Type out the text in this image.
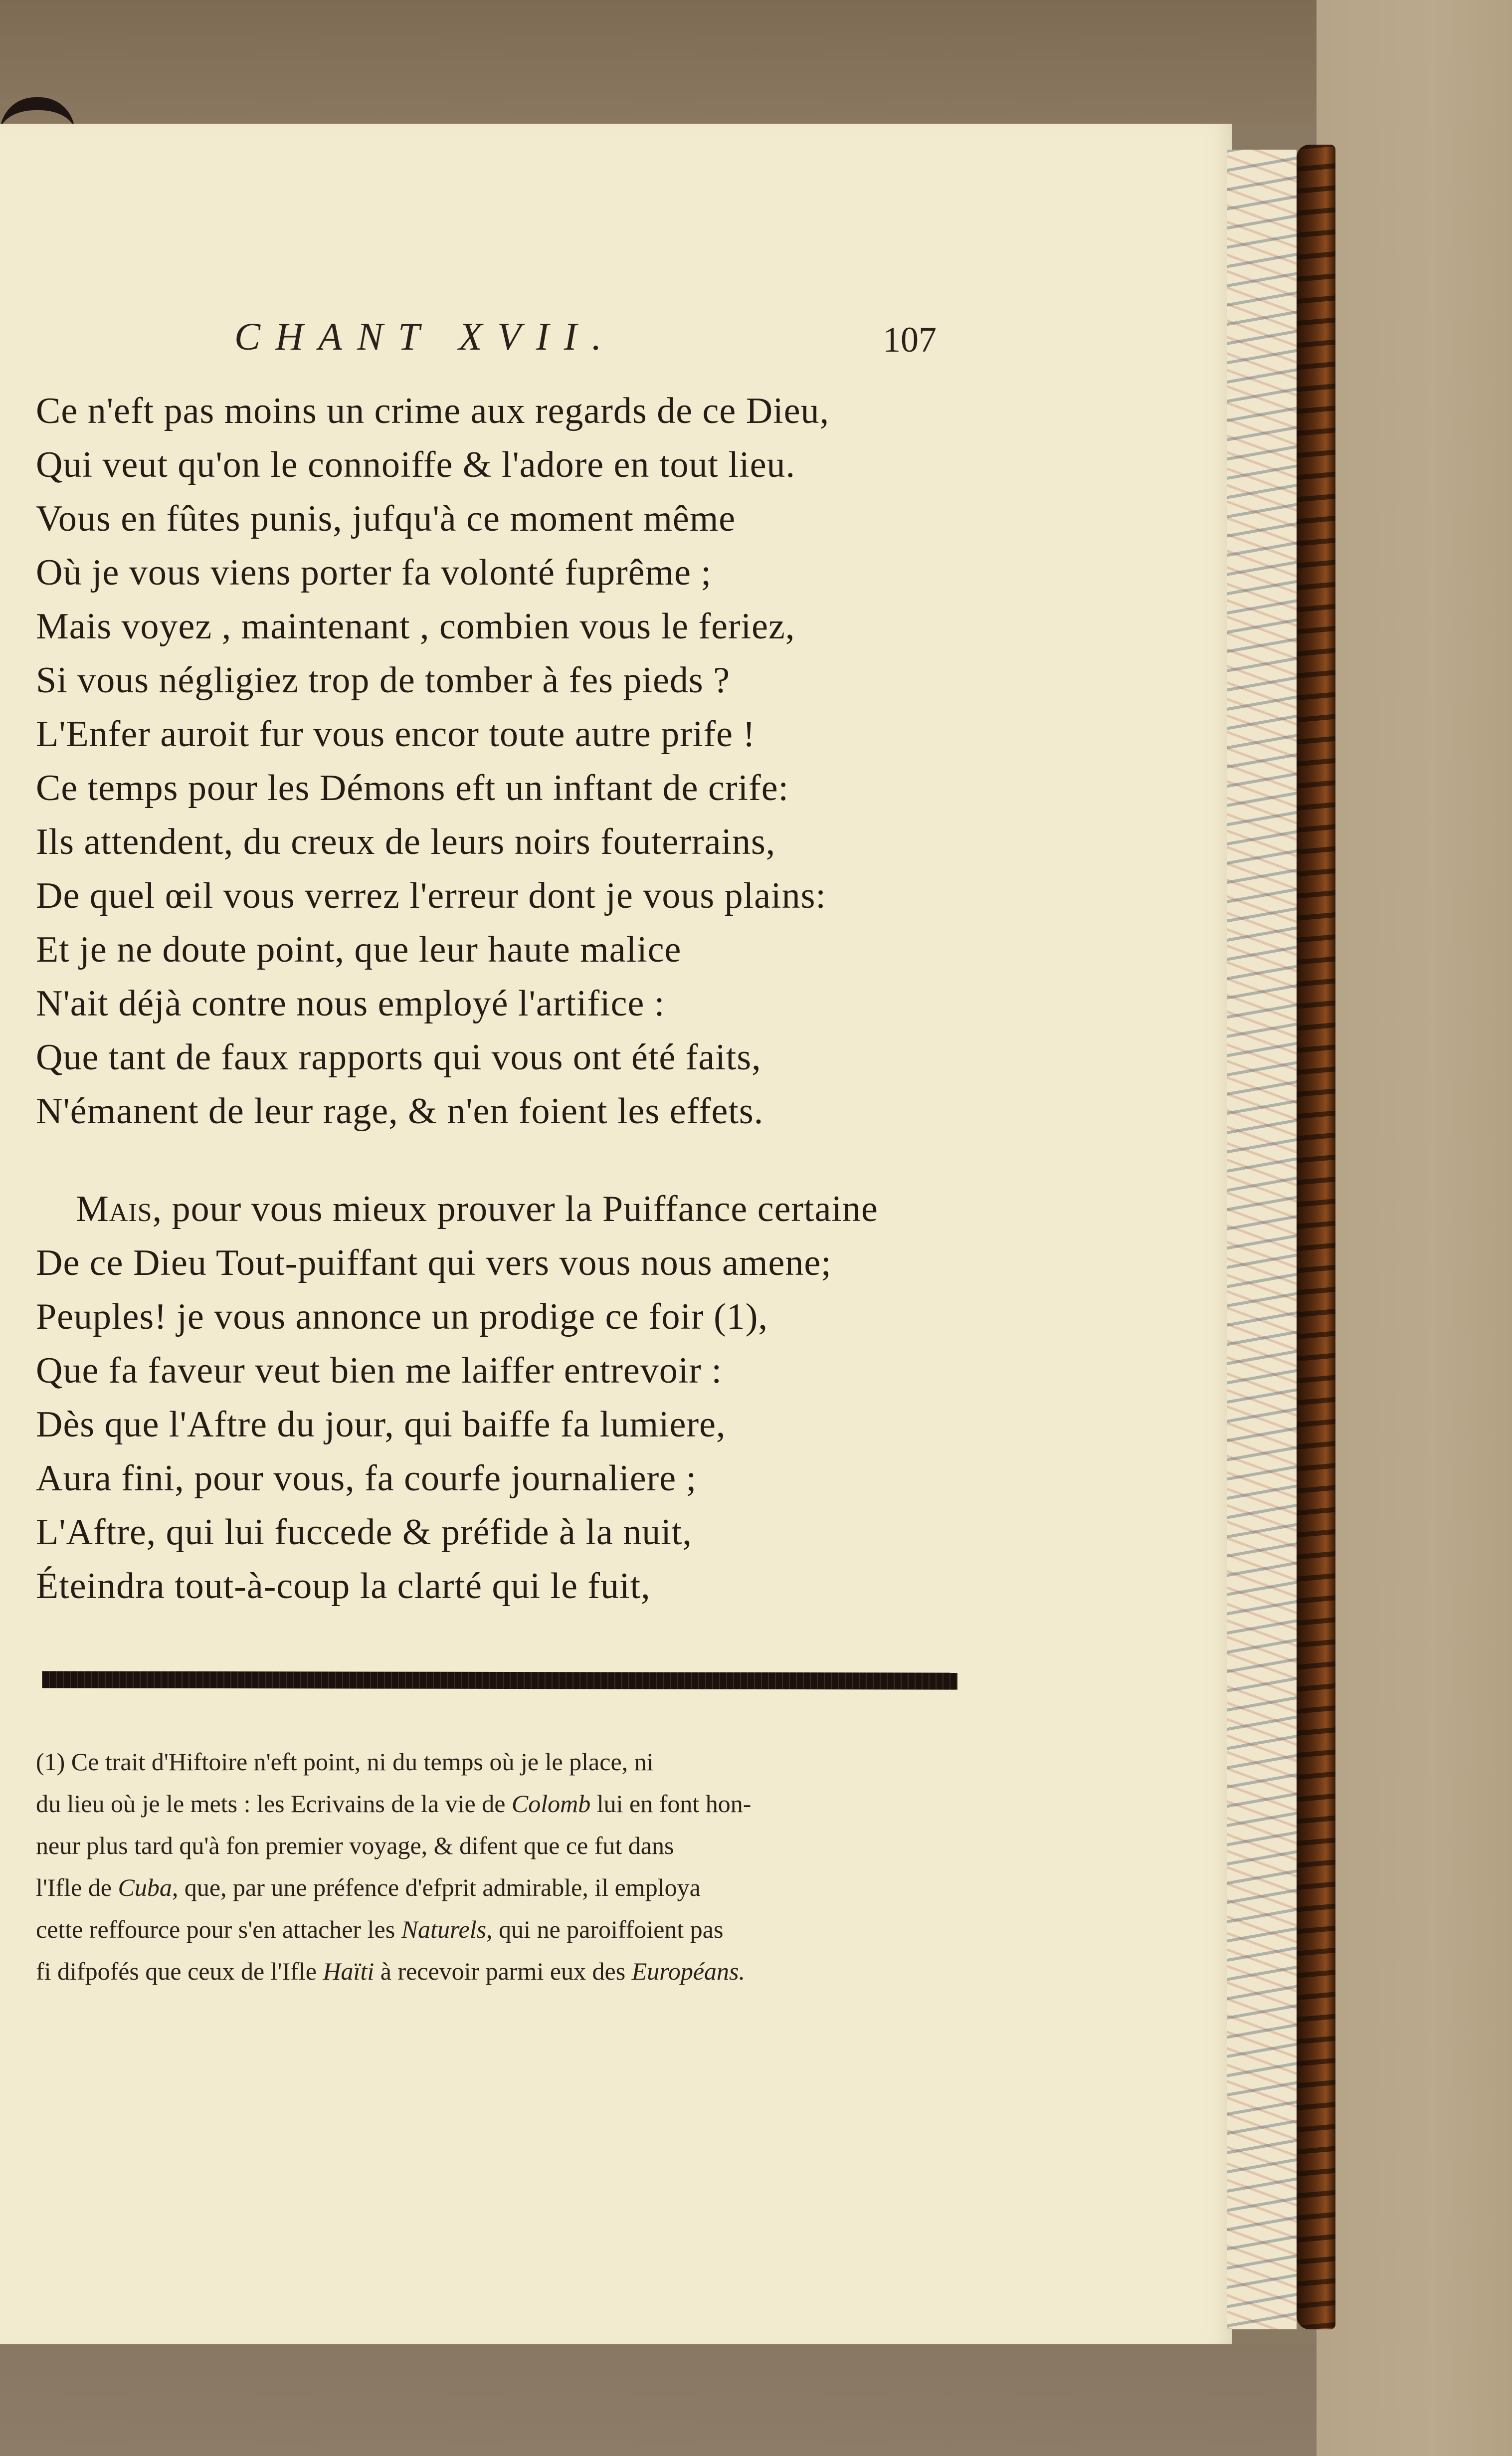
CHANT XVII.	107
Ce n'eft pas moins un crime aux regards de ce Dieu,
Qui veut qu'on le connoiffe & l'adore en tout lieu.
Vous en fûtes punis, jufqu'à ce moment même
Où je vous viens porter fa volonté fuprême ;
Mais voyez , maintenant , combien vous le feriez,
Si vous négligiez trop de tomber à fes pieds ?
L'Enfer auroit fur vous encor toute autre prife !
Ce temps pour les Démons eft un inftant de crife:
Ils attendent, du creux de leurs noirs fouterrains,
De quel œil vous verrez l'erreur dont je vous plains:
Et je ne doute point, que leur haute malice
N'ait déjà contre nous employé l'artifice :
Que tant de faux rapports qui vous ont été faits,
N'émanent de leur rage, & n'en foient les effets.
Mais, pour vous mieux prouver la Puiffance certaine
De ce Dieu Tout-puiffant qui vers vous nous amene;
Peuples! je vous annonce un prodige ce foir (1),
Que fa faveur veut bien me laiffer entrevoir :
Dès que l'Aftre du jour, qui baiffe fa lumiere,
Aura fini, pour vous, fa courfe journaliere ;
L'Aftre, qui lui fuccede & préfide à la nuit,
Éteindra tout-à-coup la clarté qui le fuit,
(1) Ce trait d'Hiftoire n'eft point, ni du temps où je le place, ni
du lieu où je le mets : les Ecrivains de la vie de Colomb lui en font hon-
neur plus tard qu'à fon premier voyage, & difent que ce fut dans
l'Ifle de Cuba, que, par une préfence d'efprit admirable, il employa
cette reffource pour s'en attacher les Naturels, qui ne paroiffoient pas
fi difpofés que ceux de l'Ifle Haïti à recevoir parmi eux des Européans.
